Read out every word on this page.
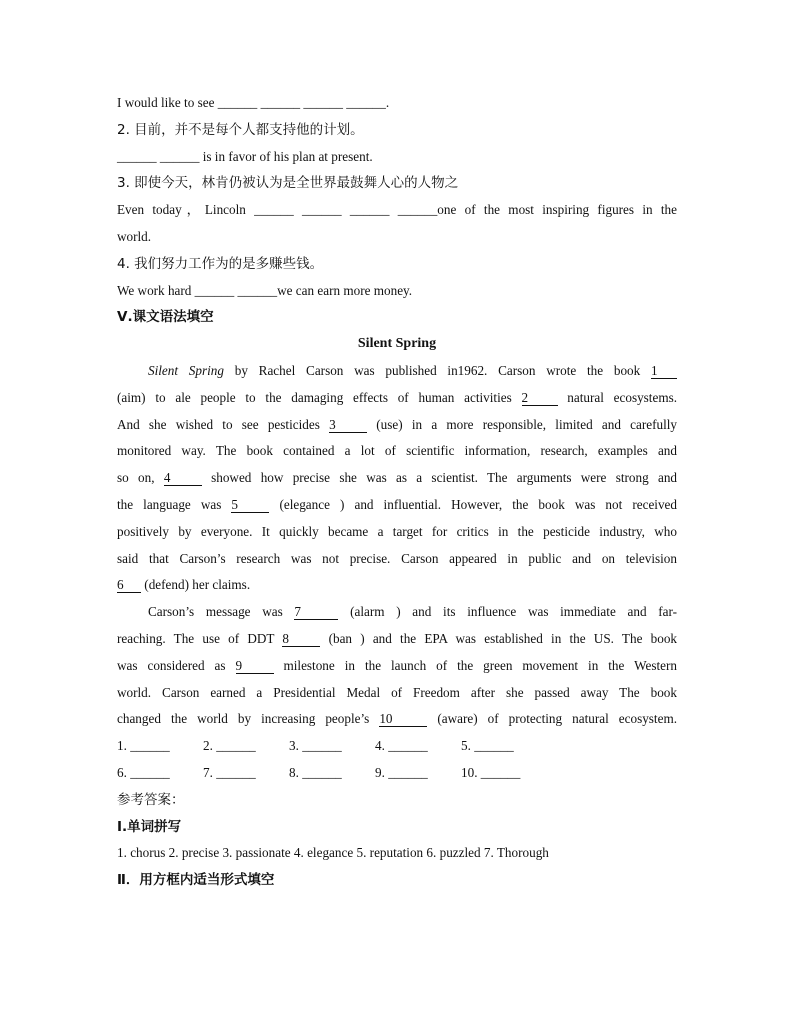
I would like to see ______ ______ ______ ______.
2. 目前，并不是每个人都支持他的计划。
______ ______ is in favor of his plan at present.
3. 即使今天，林肯仍被认为是全世界最鼓舞人心的人物之
Even today，Lincoln ______ ______ ______ ______one of the most inspiring figures in the
world.
4. 我们努力工作为的是多赚些钱。
We work hard ______ ______we can earn more money.
Ⅴ.课文语法填空
Silent Spring
Silent Spring by Rachel Carson was published in1962. Carson wrote the book 1
(aim) to ale people to the damaging effects of human activities 2 natural ecosystems.
And she wished to see pesticides 3 (use) in a more responsible, limited and carefully
monitored way. The book contained a lot of scientific information, research, examples and
so on, 4 showed how precise she was as a scientist. The arguments were strong and
the language was 5 (elegance ) and influential. However, the book was not received
positively by everyone. It quickly became a target for critics in the pesticide industry, who
said that Carson’s research was not precise. Carson appeared in public and on television
6 (defend) her claims.
Carson’s message was 7	(alarm ) and its influence was immediate and far-
reaching. The use of DDT 8 (ban ) and the EPA was established in the US. The book
was considered as 9 milestone in the launch of the green movement in the Western
world. Carson earned a Presidential Medal of Freedom after she passed away The book
changed the world by increasing people’s 10	(aware) of protecting natural ecosystem.
1. ______	2. ______	3. ______	4. ______	5. ______
6. ______	7. ______	8. ______	9. ______	10. ______
参考答案：
Ⅰ.单词拼写
1. chorus 2. precise 3. passionate 4. elegance 5. reputation 6. puzzled 7. Thorough
Ⅱ．用方框内适当形式填空
